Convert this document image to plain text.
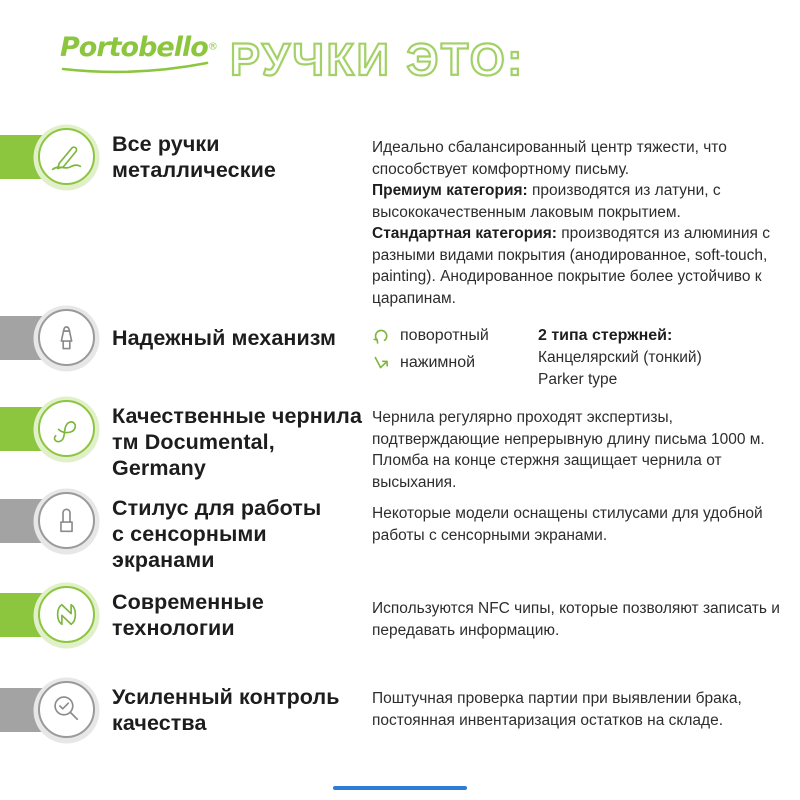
Portobello® РУЧКИ ЭТО:
Все ручки
металлические

Идеально сбалансированный центр тяжести, что способствует комфортному письму.

Премиум категория: производятся из латуни, с высококачественным лаковым покрытием.

Стандартная категория: производятся из алюминия с разными видами покрытия (анодированное, soft-touch, painting). Анодированное покрытие более устойчиво к царапинам.

Надежный механизм	поворотный
нажимной

2 типа стержней:

Канцелярский (тонкий)
Parker type
Качественные чернила
тм Documental, Germany

Чернила регулярно проходят экспертизы, подтверждающие непрерывную длину письма 1000 м. Пломба на конце стержня защищает чернила от высыхания.

Стилус для работы
с сенсорными экранами

Некоторые модели оснащены стилусами для удобной работы с сенсорными экранами.

Современные
технологии

Используются NFC чипы, которые позволяют записать и передавать информацию.

Усиленный контроль
качества

Поштучная проверка партии при выявлении брака, постоянная инвентаризация остатков на складе.
